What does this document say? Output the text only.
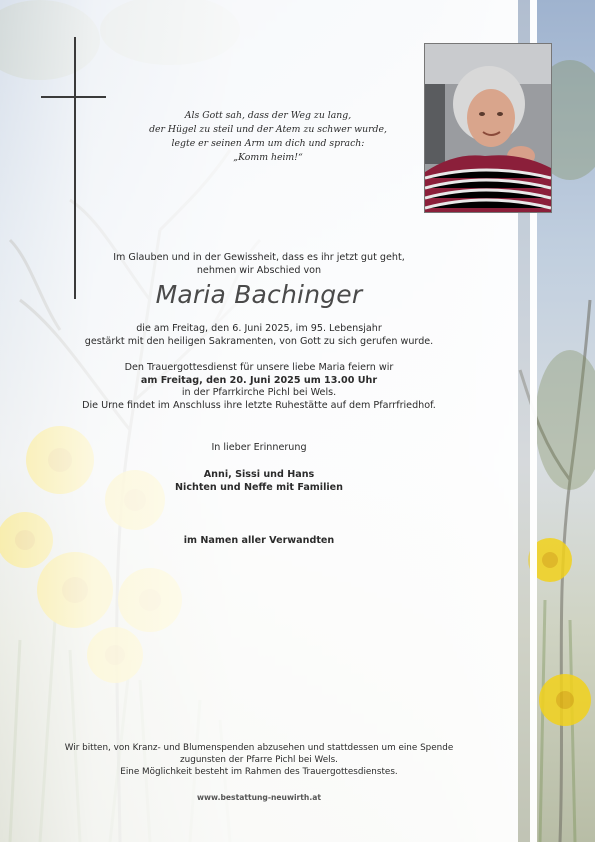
Als Gott sah, dass der Weg zu lang,
der Hügel zu steil und der Atem zu schwer wurde,
legte er seinen Arm um dich und sprach:
„Komm heim!“
Im Glauben und in der Gewissheit, dass es ihr jetzt gut geht,
nehmen wir Abschied von
Maria Bachinger
die am Freitag, den 6. Juni 2025, im 95. Lebensjahr
gestärkt mit den heiligen Sakramenten, von Gott zu sich gerufen wurde.
Den Trauergottesdienst für unsere liebe Maria feiern wir
am Freitag, den 20. Juni 2025 um 13.00 Uhr
in der Pfarrkirche Pichl bei Wels.
Die Urne findet im Anschluss ihre letzte Ruhestätte auf dem Pfarrfriedhof.
In lieber Erinnerung
Anni, Sissi und Hans
Nichten und Neffe mit Familien
im Namen aller Verwandten
Wir bitten, von Kranz- und Blumenspenden abzusehen und stattdessen um eine Spende
zugunsten der Pfarre Pichl bei Wels.
Eine Möglichkeit besteht im Rahmen des Trauergottesdienstes.
www.bestattung-neuwirth.at
